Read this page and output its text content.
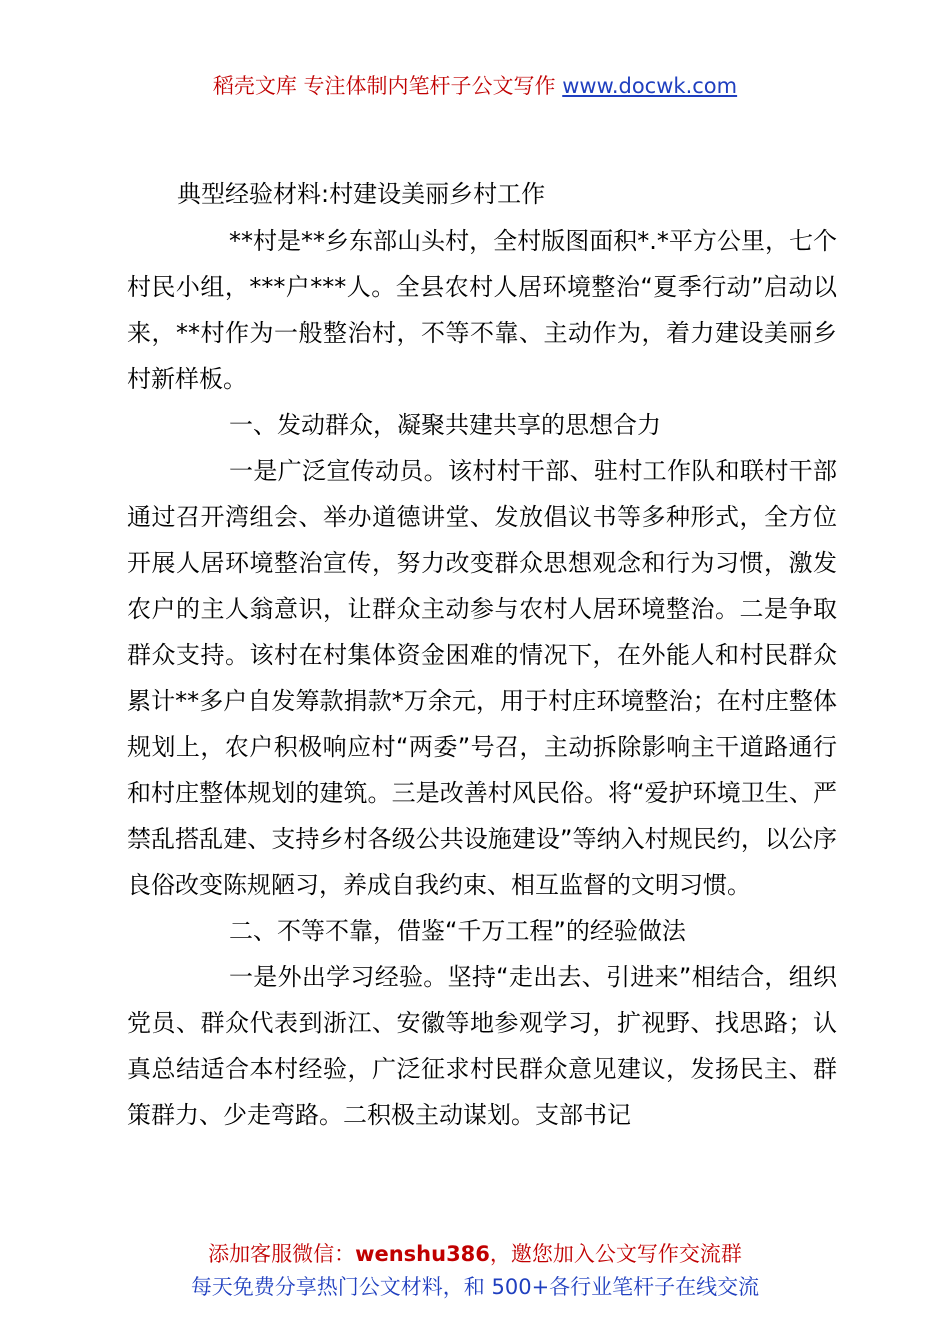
稻壳文库 专注体制内笔杆子公文写作 www.docwk.com
典型经验材料:村建设美丽乡村工作

**村是**乡东部山头村，全村版图面积*.*平方公里，七个村民小组，***户***人。全县农村人居环境整治“夏季行动”启动以来，**村作为一般整治村，不等不靠、主动作为，着力建设美丽乡村新样板。

一、发动群众，凝聚共建共享的思想合力

一是广泛宣传动员。该村村干部、驻村工作队和联村干部通过召开湾组会、举办道德讲堂、发放倡议书等多种形式，全方位开展人居环境整治宣传，努力改变群众思想观念和行为习惯，激发农户的主人翁意识，让群众主动参与农村人居环境整治。二是争取群众支持。该村在村集体资金困难的情况下，在外能人和村民群众累计**多户自发筹款捐款*万余元，用于村庄环境整治；在村庄整体规划上，农户积极响应村“两委”号召，主动拆除影响主干道路通行和村庄整体规划的建筑。三是改善村风民俗。将“爱护环境卫生、严禁乱搭乱建、支持乡村各级公共设施建设”等纳入村规民约，以公序良俗改变陈规陋习，养成自我约束、相互监督的文明习惯。

二、不等不靠，借鉴“千万工程”的经验做法

一是外出学习经验。坚持“走出去、引进来”相结合，组织党员、群众代表到浙江、安徽等地参观学习，扩视野、找思路；认真总结适合本村经验，广泛征求村民群众意见建议，发扬民主、群策群力、少走弯路。二积极主动谋划。支部书记

添加客服微信：wenshu386，邀您加入公文写作交流群
每天免费分享热门公文材料，和 500+各行业笔杆子在线交流
